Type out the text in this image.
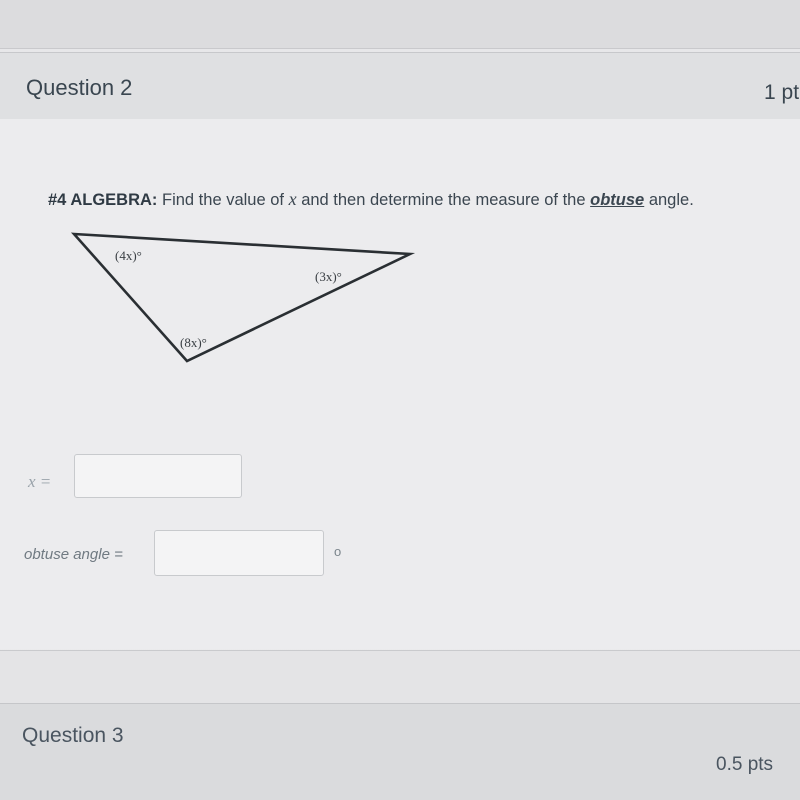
Question 2	1 pt
#4 ALGEBRA: Find the value of x and then determine the measure of the obtuse angle.
(4x)°
(3x)°
(8x)°
x =
obtuse angle =	o
Question 3
0.5 pts
